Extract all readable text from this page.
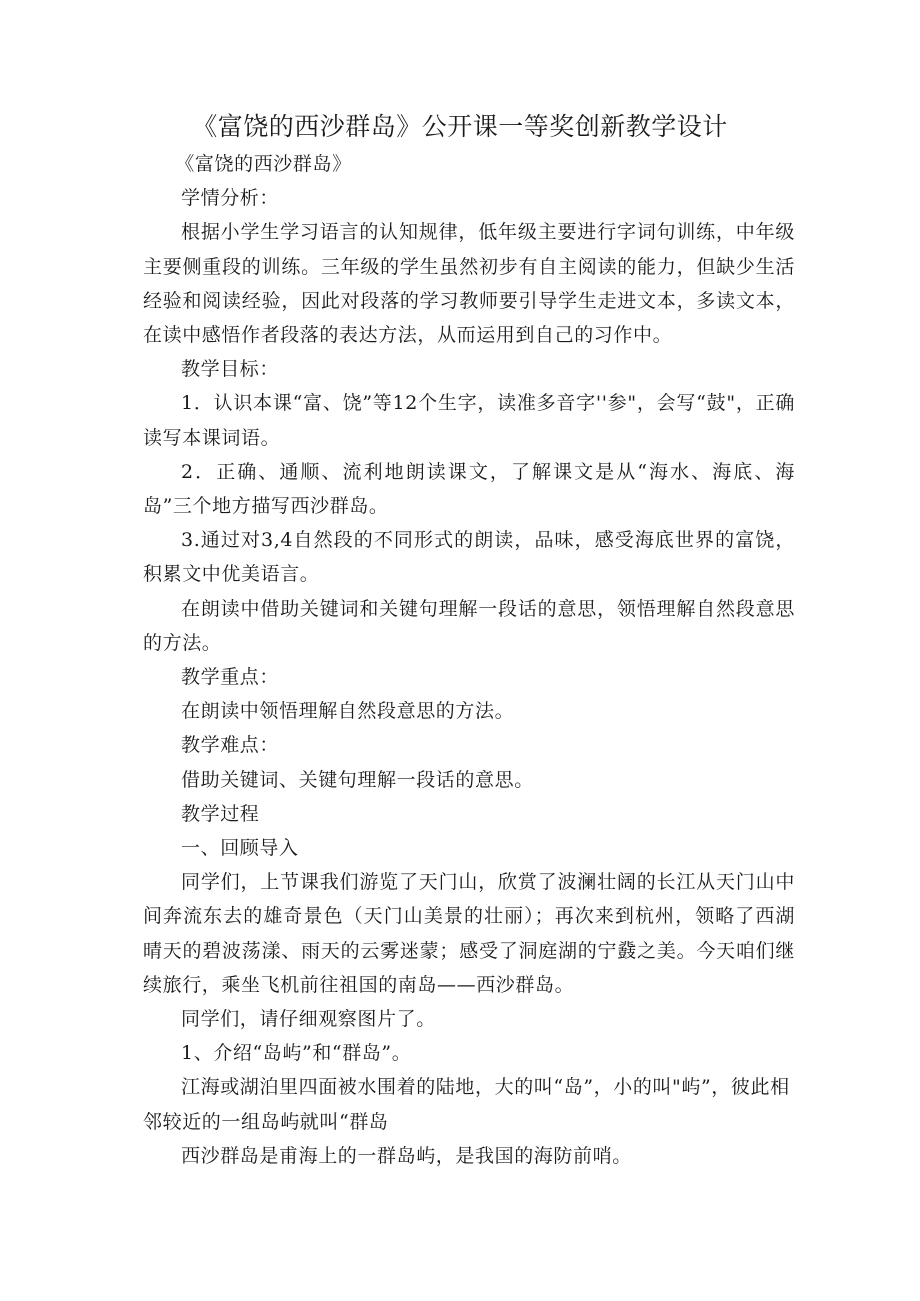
《富饶的西沙群岛》公开课一等奖创新教学设计

《富饶的西沙群岛》

学情分析：

根据小学生学习语言的认知规律，低年级主要进行字词句训练，中年级主要侧重段的训练。三年级的学生虽然初步有自主阅读的能力，但缺少生活经验和阅读经验，因此对段落的学习教师要引导学生走进文本，多读文本，在读中感悟作者段落的表达方法，从而运用到自己的习作中。

教学目标：

1．认识本课“富、饶”等12个生字，读准多音字''参"，会写“鼓"，正确读写本课词语。

2．正确、通顺、流利地朗读课文，了解课文是从“海水、海底、海岛”三个地方描写西沙群岛。

3.通过对3,4自然段的不同形式的朗读，品味，感受海底世界的富饶，积累文中优美语言。

在朗读中借助关键词和关键句理解一段话的意思，领悟理解自然段意思的方法。

教学重点：

在朗读中领悟理解自然段意思的方法。

教学难点：

借助关键词、关键句理解一段话的意思。

教学过程

一、回顾导入

同学们，上节课我们游览了天门山，欣赏了波澜壮阔的长江从天门山中间奔流东去的雄奇景色（天门山美景的壮丽）；再次来到杭州，领略了西湖晴天的碧波荡漾、雨天的云雾迷蒙；感受了洞庭湖的宁鼗之美。今天咱们继续旅行，乘坐飞机前往祖国的南岛——西沙群岛。

同学们，请仔细观察图片了。

1、介绍“岛屿”和“群岛”。

江海或湖泊里四面被水围着的陆地，大的叫“岛”，小的叫"屿”，彼此相邻较近的一组岛屿就叫“群岛

西沙群岛是甫海上的一群岛屿，是我国的海防前哨。
